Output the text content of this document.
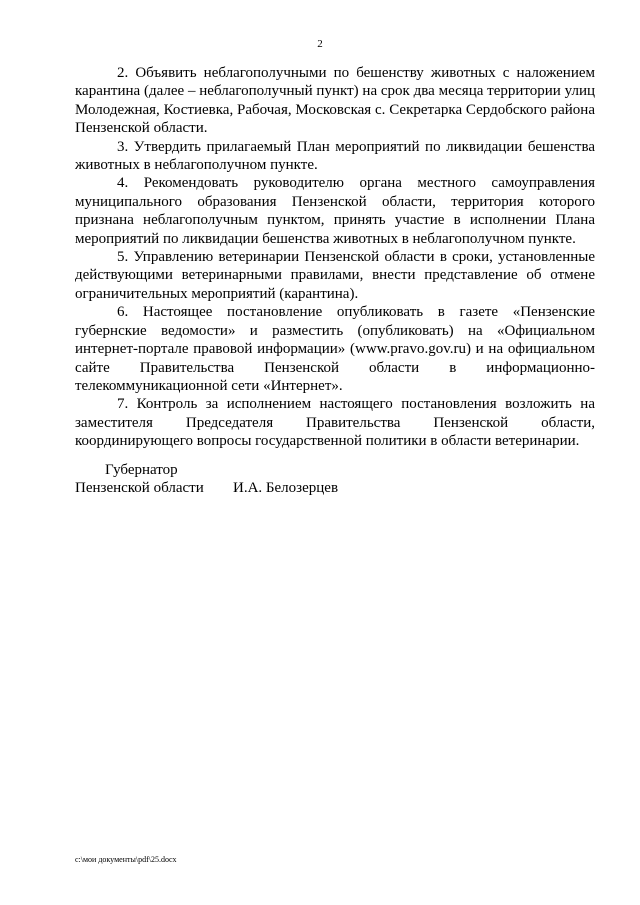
2

2. Объявить неблагополучными по бешенству животных с наложением карантина (далее – неблагополучный пункт) на срок два месяца территории улиц Молодежная, Костиевка, Рабочая, Московская с. Секретарка Сердобского района Пензенской области.

3. Утвердить прилагаемый План мероприятий по ликвидации бешенства животных в неблагополучном пункте.

4. Рекомендовать руководителю органа местного самоуправления муниципального образования Пензенской области, территория которого признана неблагополучным пунктом, принять участие в исполнении Плана мероприятий по ликвидации бешенства животных в неблагополучном пункте.

5. Управлению ветеринарии Пензенской области в сроки, установленные действующими ветеринарными правилами, внести представление об отмене ограничительных мероприятий (карантина).

6. Настоящее постановление опубликовать в газете «Пензенские губернские ведомости» и разместить (опубликовать) на «Официальном интернет-портале правовой информации» (www.pravo.gov.ru) и на официальном сайте Правительства Пензенской области в информационно-телекоммуникационной сети «Интернет».

7. Контроль за исполнением настоящего постановления возложить на заместителя Председателя Правительства Пензенской области, координирующего вопросы государственной политики в области ветеринарии.

Губернатор
Пензенской области	И.А. Белозерцев
c:\мои документы\pdf\25.docx
